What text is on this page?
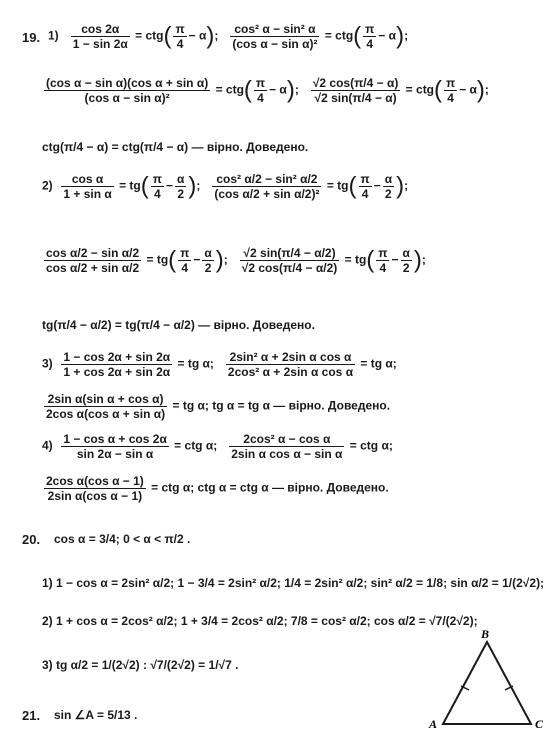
19. $1) \frac{\cos 2\alpha}{1 - \sin 2\alpha} = ctg( \frac{\pi}{4} - \alpha)$; $\frac{\text{cos² α − sin² α}}{\text{(cos α − sin α)²}} = ctg( \frac{\pi}{4} - \alpha)$;
$\frac{\text{(cos α − sin α)(cos α + sin α)}}{\text{(cos α − sin α)²}} = ctg( \frac{\pi}{4} - \alpha)$; $\frac{√2 \cos(\pi/4 - \alpha)}{√2 \sin(\pi/4 - \alpha)} = ctg( \frac{\pi}{4} - \alpha)$;
ctg(π/4 − α) = ctg(π/4 − α) — вірно. Доведено.
$2) \frac{\text{cos α}}{\text{1 + sin α}} = tg( \frac{\pi}{4} - \frac{\alpha}{2}$ ); $\frac{\text{cos² α/2 − sin² α/2}}{\text{(cos α/2 + sin α/2)²}} = tg( \frac{\pi}{4} - \frac{\alpha}{2}$ );
$\frac{\text{cos α/2 − sin α/2}}{\text{cos α/2 + sin α/2}} = tg( \frac{\pi}{4} - \frac{\alpha}{2}$ ); $\frac{√2 \sin(\pi/4 - \alpha/2)}{√2 \cos(\pi/4 - \alpha/2)} = tg( \frac{\pi}{4} - \frac{\alpha}{2}$ );
tg(π/4 − α/2) = tg(π/4 − α/2) — вірно. Доведено.
$3) \frac{1 - \cos 2\alpha + \sin 2\alpha}{1 + \cos 2\alpha + \sin 2\alpha}$ = tg α; $\frac{\text{2sin² α + 2sin α cos α}}{\text{2cos² α + 2sin α cos α}}$ = tg α;
$\frac{\text{2sin α(sin α + cos α)}}{\text{2cos α(cos α + sin α)}}$ = tg α; tg α = tg α — вірно. Доведено.
$4) \frac{\text{1 − cos α + cos 2α}}{\text{sin 2α − sin α}}$ = ctg α; $\frac{\text{2cos² α − cos α}}{\text{2sin α cos α − sin α}}$ = ctg α;
$\frac{\text{2cos α(cos α − 1)}}{\text{2sin α(cos α − 1)}}$ = ctg α; ctg α = ctg α — вірно. Доведено.
20. cos α = 3/4; 0 < α < π/2 .
1) 1 − cos α = 2sin² α/2; 1 − 3/4 = 2sin² α/2; 1/4 = 2sin² α/2; sin² α/2 = 1/8; sin α/2 = 1/(2√2);
2) 1 + cos α = 2cos² α/2; 1 + 3/4 = 2cos² α/2; 7/8 = cos² α/2; cos α/2 = √7/(2√2);
3) tg α/2 = 1/(2√2) : √7/(2√2) = 1/√7 .
21. sin ∠A = 5/13 .
B
A	C
